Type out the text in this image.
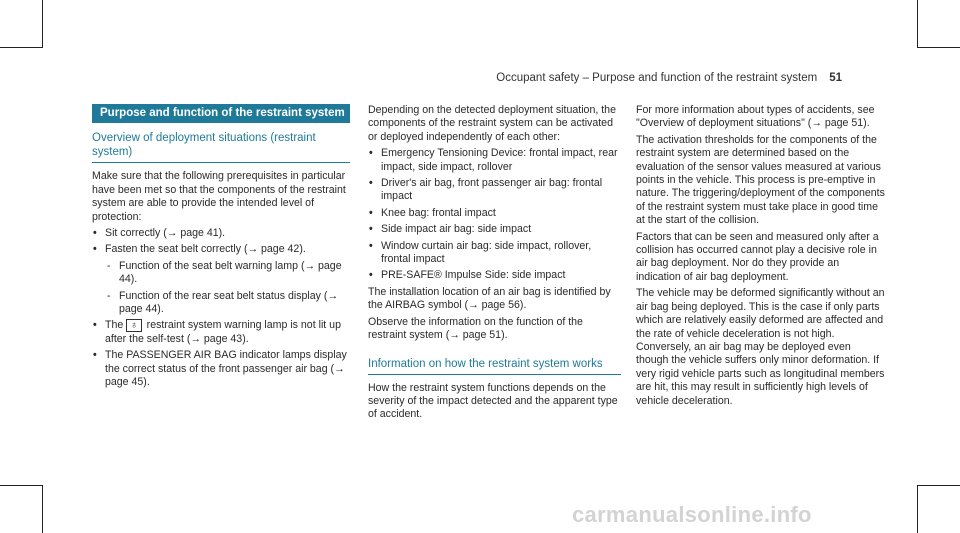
Occupant safety – Purpose and function of the restraint system 51
Purpose and function of the restraint system
Overview of deployment situations (restraint system)

Make sure that the following prerequisites in particular have been met so that the components of the restraint system are able to provide the intended level of protection:

• Sit correctly (→ page 41).
• Fasten the seat belt correctly (→ page 42).
- Function of the seat belt warning lamp (→ page 44).
- Function of the rear seat belt status display (→ page 44).
• The ♁ restraint system warning lamp is not lit up after the self-test (→ page 43).
• The PASSENGER AIR BAG indicator lamps display the correct status of the front passenger air bag (→ page 45).

Depending on the detected deployment situation, the components of the restraint system can be activated or deployed independently of each other:

• Emergency Tensioning Device: frontal impact, rear impact, side impact, rollover
• Driver's air bag, front passenger air bag: frontal impact
• Knee bag: frontal impact
• Side impact air bag: side impact
• Window curtain air bag: side impact, rollover, frontal impact
• PRE-SAFE® Impulse Side: side impact

The installation location of an air bag is identified by the AIRBAG symbol (→ page 56).

Observe the information on the function of the restraint system (→ page 51).

Information on how the restraint system works

How the restraint system functions depends on the severity of the impact detected and the apparent type of accident.

For more information about types of accidents, see "Overview of deployment situations" (→ page 51).

The activation thresholds for the components of the restraint system are determined based on the evaluation of the sensor values measured at various points in the vehicle. This process is pre-emptive in nature. The triggering/deployment of the components of the restraint system must take place in good time at the start of the collision.

Factors that can be seen and measured only after a collision has occurred cannot play a decisive role in air bag deployment. Nor do they provide an indication of air bag deployment.

The vehicle may be deformed significantly without an air bag being deployed. This is the case if only parts which are relatively easily deformed are affected and the rate of vehicle deceleration is not high. Conversely, an air bag may be deployed even though the vehicle suffers only minor deformation. If very rigid vehicle parts such as longitudinal members are hit, this may result in sufficiently high levels of vehicle deceleration.

carmanualsonline.info
